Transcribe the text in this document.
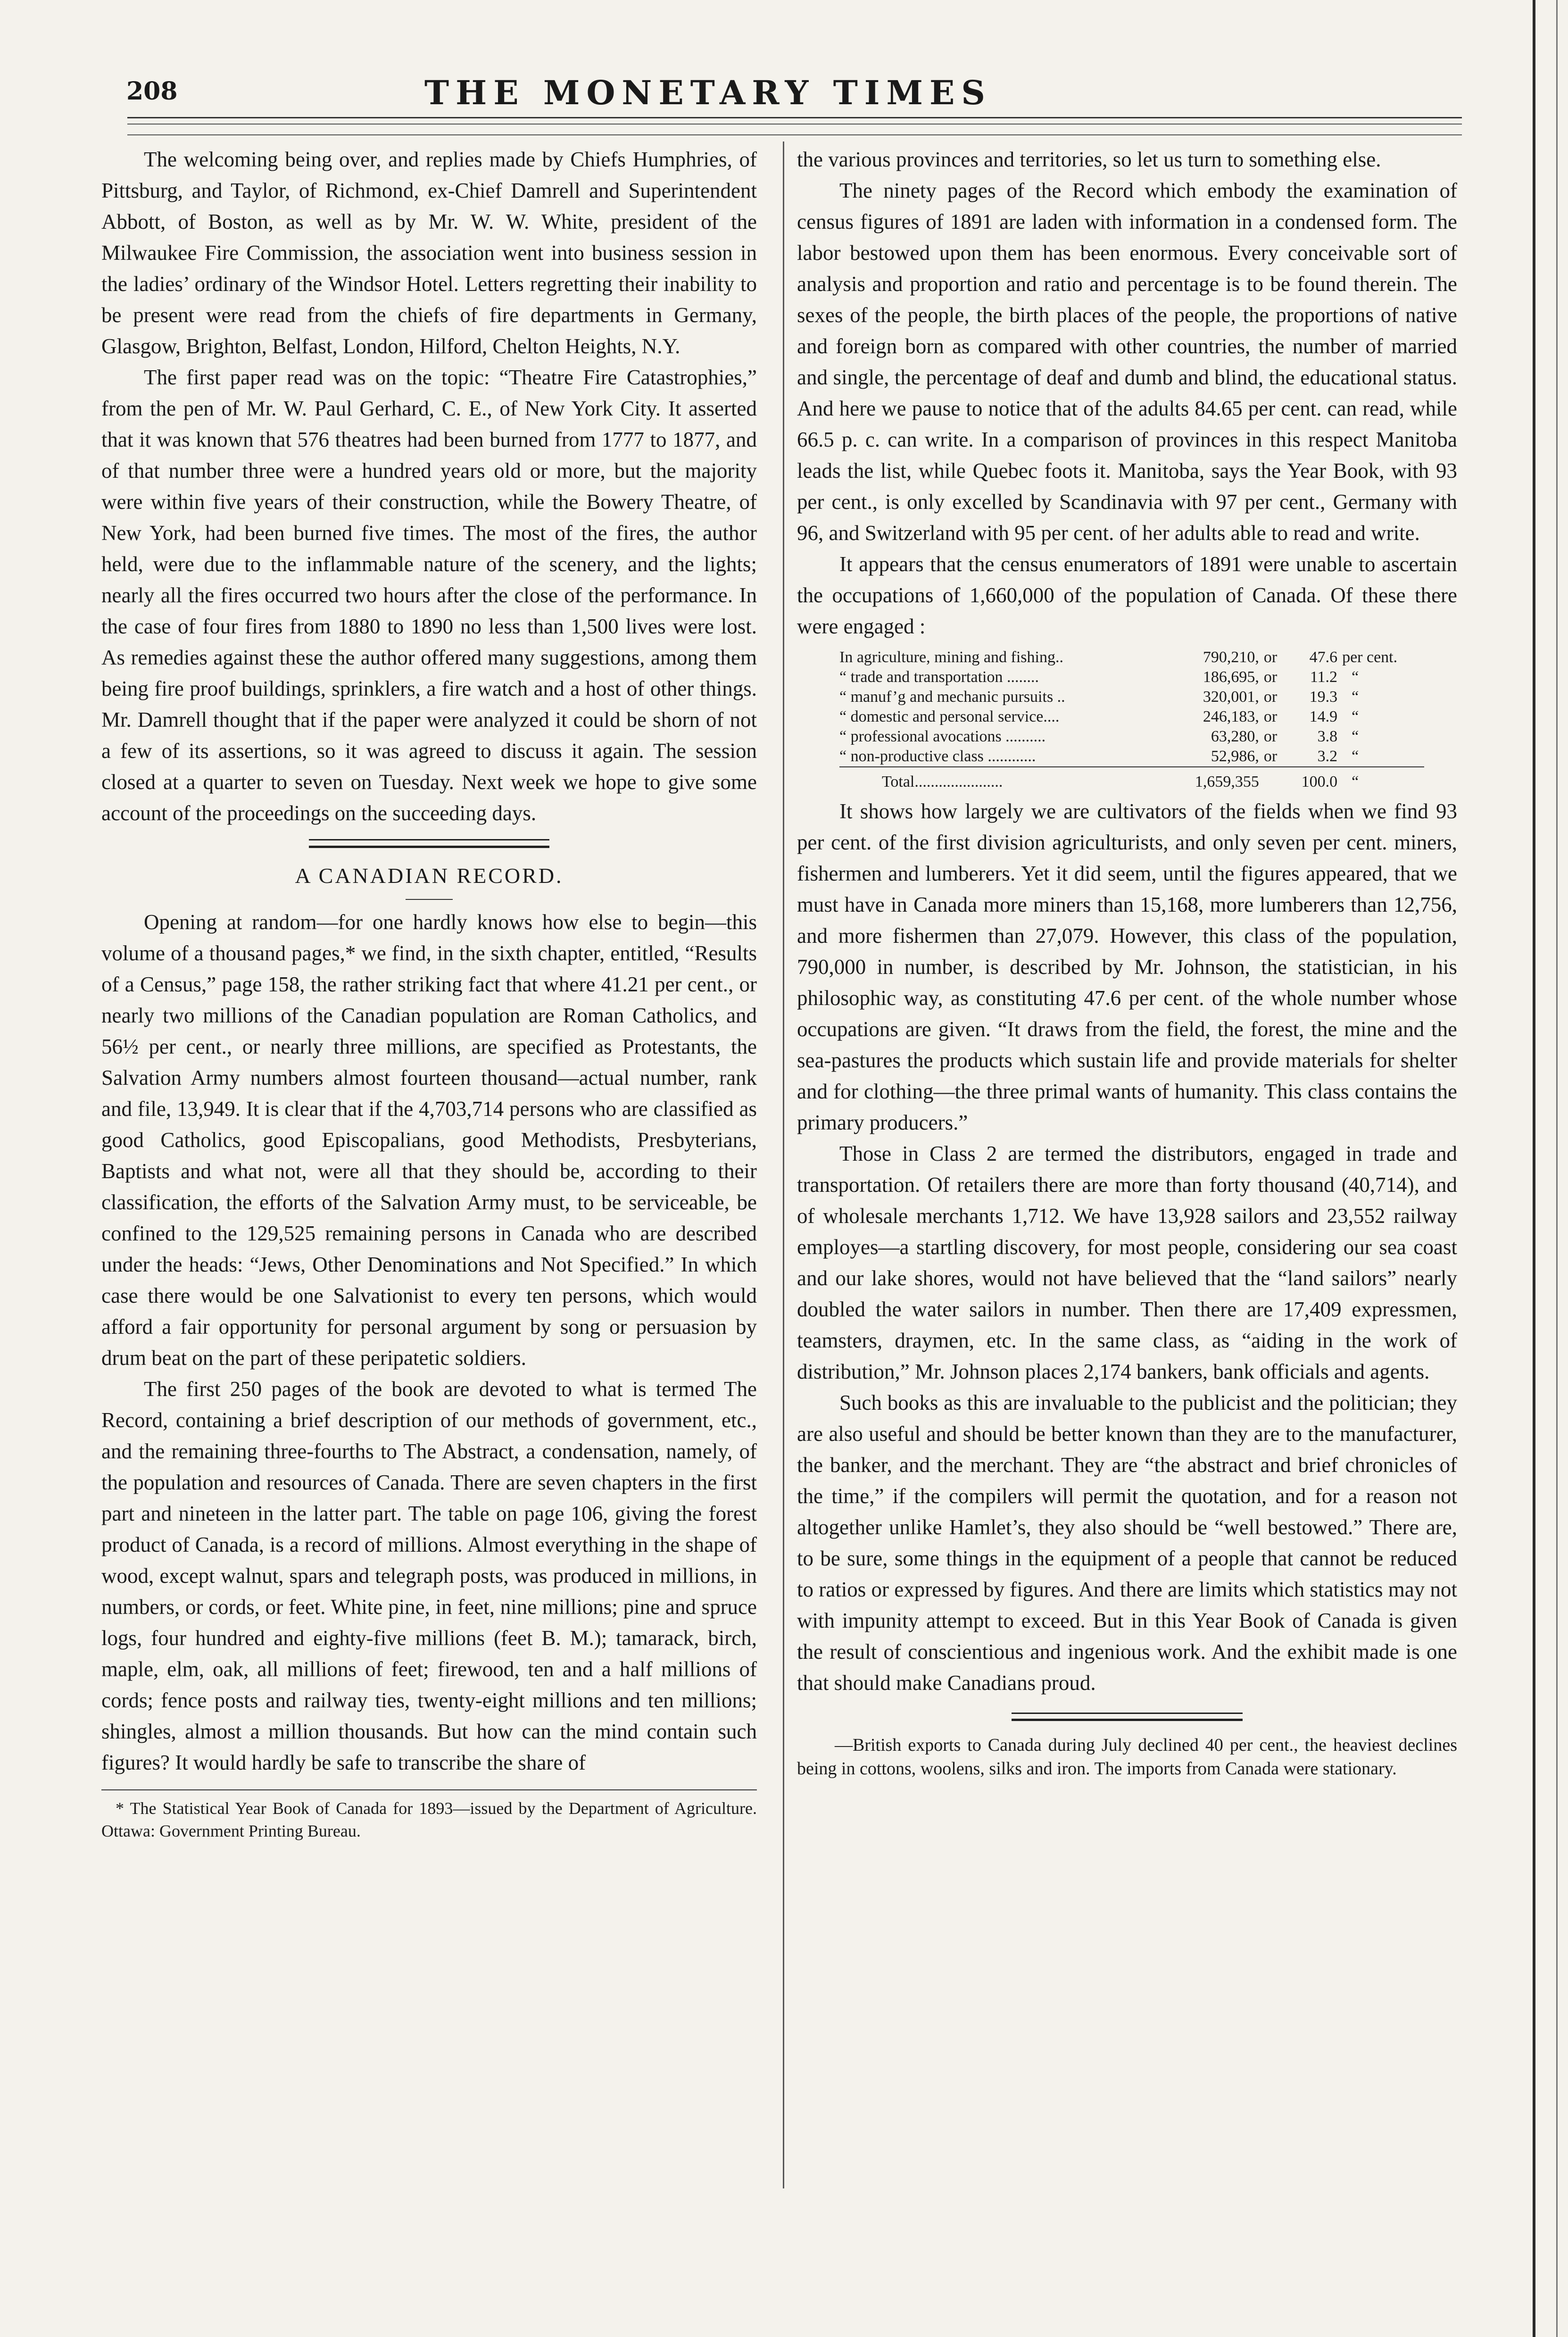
208	THE MONETARY TIMES

The welcoming being over, and replies made by Chiefs Humphries, of Pittsburg, and Taylor, of Richmond, ex-Chief Damrell and Superintendent Abbott, of Boston, as well as by Mr. W. W. White, president of the Milwaukee Fire Commission, the association went into business session in the ladies’ ordinary of the Windsor Hotel. Letters regretting their inability to be present were read from the chiefs of fire departments in Germany, Glasgow, Brighton, Belfast, London, Hilford, Chelton Heights, N.Y.

The first paper read was on the topic: “Theatre Fire Catastrophies,” from the pen of Mr. W. Paul Gerhard, C. E., of New York City. It asserted that it was known that 576 theatres had been burned from 1777 to 1877, and of that number three were a hundred years old or more, but the majority were within five years of their construction, while the Bowery Theatre, of New York, had been burned five times. The most of the fires, the author held, were due to the inflammable nature of the scenery, and the lights; nearly all the fires occurred two hours after the close of the performance. In the case of four fires from 1880 to 1890 no less than 1,500 lives were lost. As remedies against these the author offered many suggestions, among them being fire proof buildings, sprinklers, a fire watch and a host of other things. Mr. Damrell thought that if the paper were analyzed it could be shorn of not a few of its assertions, so it was agreed to discuss it again. The session closed at a quarter to seven on Tuesday. Next week we hope to give some account of the proceedings on the succeeding days.

A CANADIAN RECORD.

Opening at random—for one hardly knows how else to begin—this volume of a thousand pages,* we find, in the sixth chapter, entitled, “Results of a Census,” page 158, the rather striking fact that where 41.21 per cent., or nearly two millions of the Canadian population are Roman Catholics, and 56½ per cent., or nearly three millions, are specified as Protestants, the Salvation Army numbers almost fourteen thousand—actual number, rank and file, 13,949. It is clear that if the 4,703,714 persons who are classified as good Catholics, good Episcopalians, good Methodists, Presbyterians, Baptists and what not, were all that they should be, according to their classification, the efforts of the Salvation Army must, to be serviceable, be confined to the 129,525 remaining persons in Canada who are described under the heads: “Jews, Other Denominations and Not Specified.” In which case there would be one Salvationist to every ten persons, which would afford a fair opportunity for personal argument by song or persuasion by drum beat on the part of these peripatetic soldiers.

The first 250 pages of the book are devoted to what is termed The Record, containing a brief description of our methods of government, etc., and the remaining three-fourths to The Abstract, a condensation, namely, of the population and resources of Canada. There are seven chapters in the first part and nineteen in the latter part. The table on page 106, giving the forest product of Canada, is a record of millions. Almost everything in the shape of wood, except walnut, spars and telegraph posts, was produced in millions, in numbers, or cords, or feet. White pine, in feet, nine millions; pine and spruce logs, four hundred and eighty-five millions (feet B. M.); tamarack, birch, maple, elm, oak, all millions of feet; firewood, ten and a half millions of cords; fence posts and railway ties, twenty-eight millions and ten millions; shingles, almost a million thousands. But how can the mind contain such figures? It would hardly be safe to transcribe the share of

* The Statistical Year Book of Canada for 1893—issued by the Department of Agriculture. Ottawa: Government Printing Bureau.

the various provinces and territories, so let us turn to something else.

The ninety pages of the Record which embody the examination of census figures of 1891 are laden with information in a condensed form. The labor bestowed upon them has been enormous. Every conceivable sort of analysis and proportion and ratio and percentage is to be found therein. The sexes of the people, the birth places of the people, the proportions of native and foreign born as compared with other countries, the number of married and single, the percentage of deaf and dumb and blind, the educational status. And here we pause to notice that of the adults 84.65 per cent. can read, while 66.5 p. c. can write. In a comparison of provinces in this respect Manitoba leads the list, while Quebec foots it. Manitoba, says the Year Book, with 93 per cent., is only excelled by Scandinavia with 97 per cent., Germany with 96, and Switzerland with 95 per cent. of her adults able to read and write.

It appears that the census enumerators of 1891 were unable to ascertain the occupations of 1,660,000 of the population of Canada. Of these there were engaged :

In agriculture, mining and fishing..	790,210,	or	47.6	per cent.
“ trade and transportation ........	186,695,	or	11.2	“
“ manuf’g and mechanic pursuits ..	320,001,	or	19.3	“
“ domestic and personal service....	246,183,	or	14.9	“
“ professional avocations ..........	63,280,	or	3.8	“
“ non-productive class ............	52,986,	or	3.2	“

Total......................	1,659,355		100.0	“

It shows how largely we are cultivators of the fields when we find 93 per cent. of the first division agriculturists, and only seven per cent. miners, fishermen and lumberers. Yet it did seem, until the figures appeared, that we must have in Canada more miners than 15,168, more lumberers than 12,756, and more fishermen than 27,079. However, this class of the population, 790,000 in number, is described by Mr. Johnson, the statistician, in his philosophic way, as constituting 47.6 per cent. of the whole number whose occupations are given. “It draws from the field, the forest, the mine and the sea-pastures the products which sustain life and provide materials for shelter and for clothing—the three primal wants of humanity. This class contains the primary producers.”

Those in Class 2 are termed the distributors, engaged in trade and transportation. Of retailers there are more than forty thousand (40,714), and of wholesale merchants 1,712. We have 13,928 sailors and 23,552 railway employes—a startling discovery, for most people, considering our sea coast and our lake shores, would not have believed that the “land sailors” nearly doubled the water sailors in number. Then there are 17,409 expressmen, teamsters, draymen, etc. In the same class, as “aiding in the work of distribution,” Mr. Johnson places 2,174 bankers, bank officials and agents.

Such books as this are invaluable to the publicist and the politician; they are also useful and should be better known than they are to the manufacturer, the banker, and the merchant. They are “the abstract and brief chronicles of the time,” if the compilers will permit the quotation, and for a reason not altogether unlike Hamlet’s, they also should be “well bestowed.” There are, to be sure, some things in the equipment of a people that cannot be reduced to ratios or expressed by figures. And there are limits which statistics may not with impunity attempt to exceed. But in this Year Book of Canada is given the result of conscientious and ingenious work. And the exhibit made is one that should make Canadians proud.

—British exports to Canada during July declined 40 per cent., the heaviest declines being in cottons, woolens, silks and iron. The imports from Canada were stationary.
